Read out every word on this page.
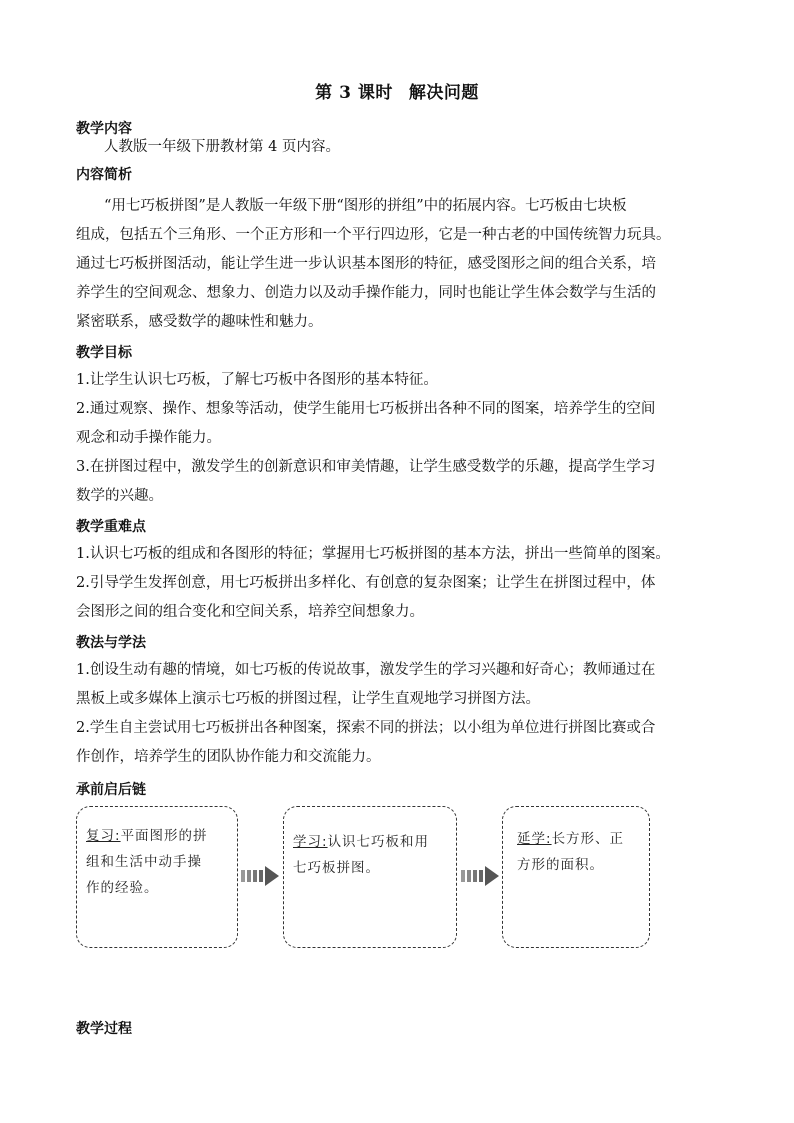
第 3 课时 解决问题
教学内容
人教版一年级下册教材第 4 页内容。
内容简析
“用七巧板拼图”是人教版一年级下册“图形的拼组”中的拓展内容。七巧板由七块板
组成，包括五个三角形、一个正方形和一个平行四边形，它是一种古老的中国传统智力玩具。
通过七巧板拼图活动，能让学生进一步认识基本图形的特征，感受图形之间的组合关系，培
养学生的空间观念、想象力、创造力以及动手操作能力，同时也能让学生体会数学与生活的
紧密联系，感受数学的趣味性和魅力。
教学目标
1.让学生认识七巧板，了解七巧板中各图形的基本特征。
2.通过观察、操作、想象等活动，使学生能用七巧板拼出各种不同的图案，培养学生的空间
观念和动手操作能力。
3.在拼图过程中，激发学生的创新意识和审美情趣，让学生感受数学的乐趣，提高学生学习
数学的兴趣。
教学重难点
1.认识七巧板的组成和各图形的特征；掌握用七巧板拼图的基本方法，拼出一些简单的图案。
2.引导学生发挥创意，用七巧板拼出多样化、有创意的复杂图案；让学生在拼图过程中，体
会图形之间的组合变化和空间关系，培养空间想象力。
教法与学法
1.创设生动有趣的情境，如七巧板的传说故事，激发学生的学习兴趣和好奇心；教师通过在
黑板上或多媒体上演示七巧板的拼图过程，让学生直观地学习拼图方法。
2.学生自主尝试用七巧板拼出各种图案，探索不同的拼法；以小组为单位进行拼图比赛或合
作创作，培养学生的团队协作能力和交流能力。
承前启后链
复习:平面图形的拼
组和生活中动手操
作的经验。
学习:认识七巧板和用
七巧板拼图。
延学:长方形、正
方形的面积。
教学过程
